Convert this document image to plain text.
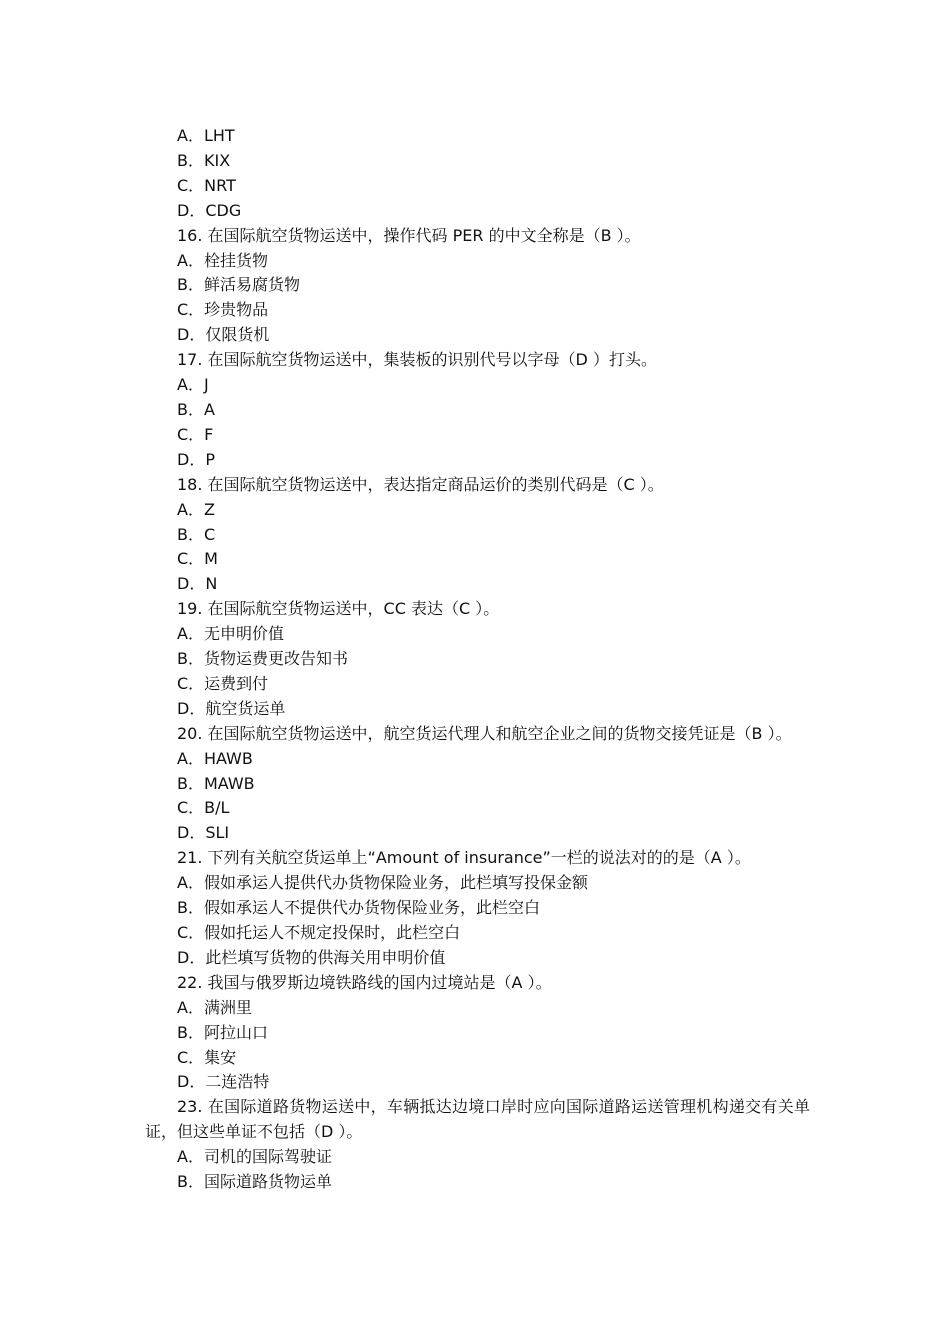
A．LHT
B．KIX
C．NRT
D．CDG
16. 在国际航空货物运送中，操作代码 PER 的中文全称是（B ）。
A．栓挂货物
B．鲜活易腐货物
C．珍贵物品
D．仅限货机
17. 在国际航空货物运送中，集装板的识别代号以字母（D ）打头。
A．J
B．A
C．F
D．P
18. 在国际航空货物运送中，表达指定商品运价的类别代码是（C ）。
A．Z
B．C
C．M
D．N
19. 在国际航空货物运送中，CC 表达（C ）。
A．无申明价值
B．货物运费更改告知书
C．运费到付
D．航空货运单
20. 在国际航空货物运送中，航空货运代理人和航空企业之间的货物交接凭证是（B ）。
A．HAWB
B．MAWB
C．B/L
D．SLI
21. 下列有关航空货运单上“Amount of insurance”一栏的说法对的的是（A ）。
A．假如承运人提供代办货物保险业务，此栏填写投保金额
B．假如承运人不提供代办货物保险业务，此栏空白
C．假如托运人不规定投保时，此栏空白
D．此栏填写货物的供海关用申明价值
22. 我国与俄罗斯边境铁路线的国内过境站是（A ）。
A．满洲里
B．阿拉山口
C．集安
D．二连浩特
23. 在国际道路货物运送中，车辆抵达边境口岸时应向国际道路运送管理机构递交有关单证，但这些单证不包括（D ）。
A．司机的国际驾驶证
B．国际道路货物运单
